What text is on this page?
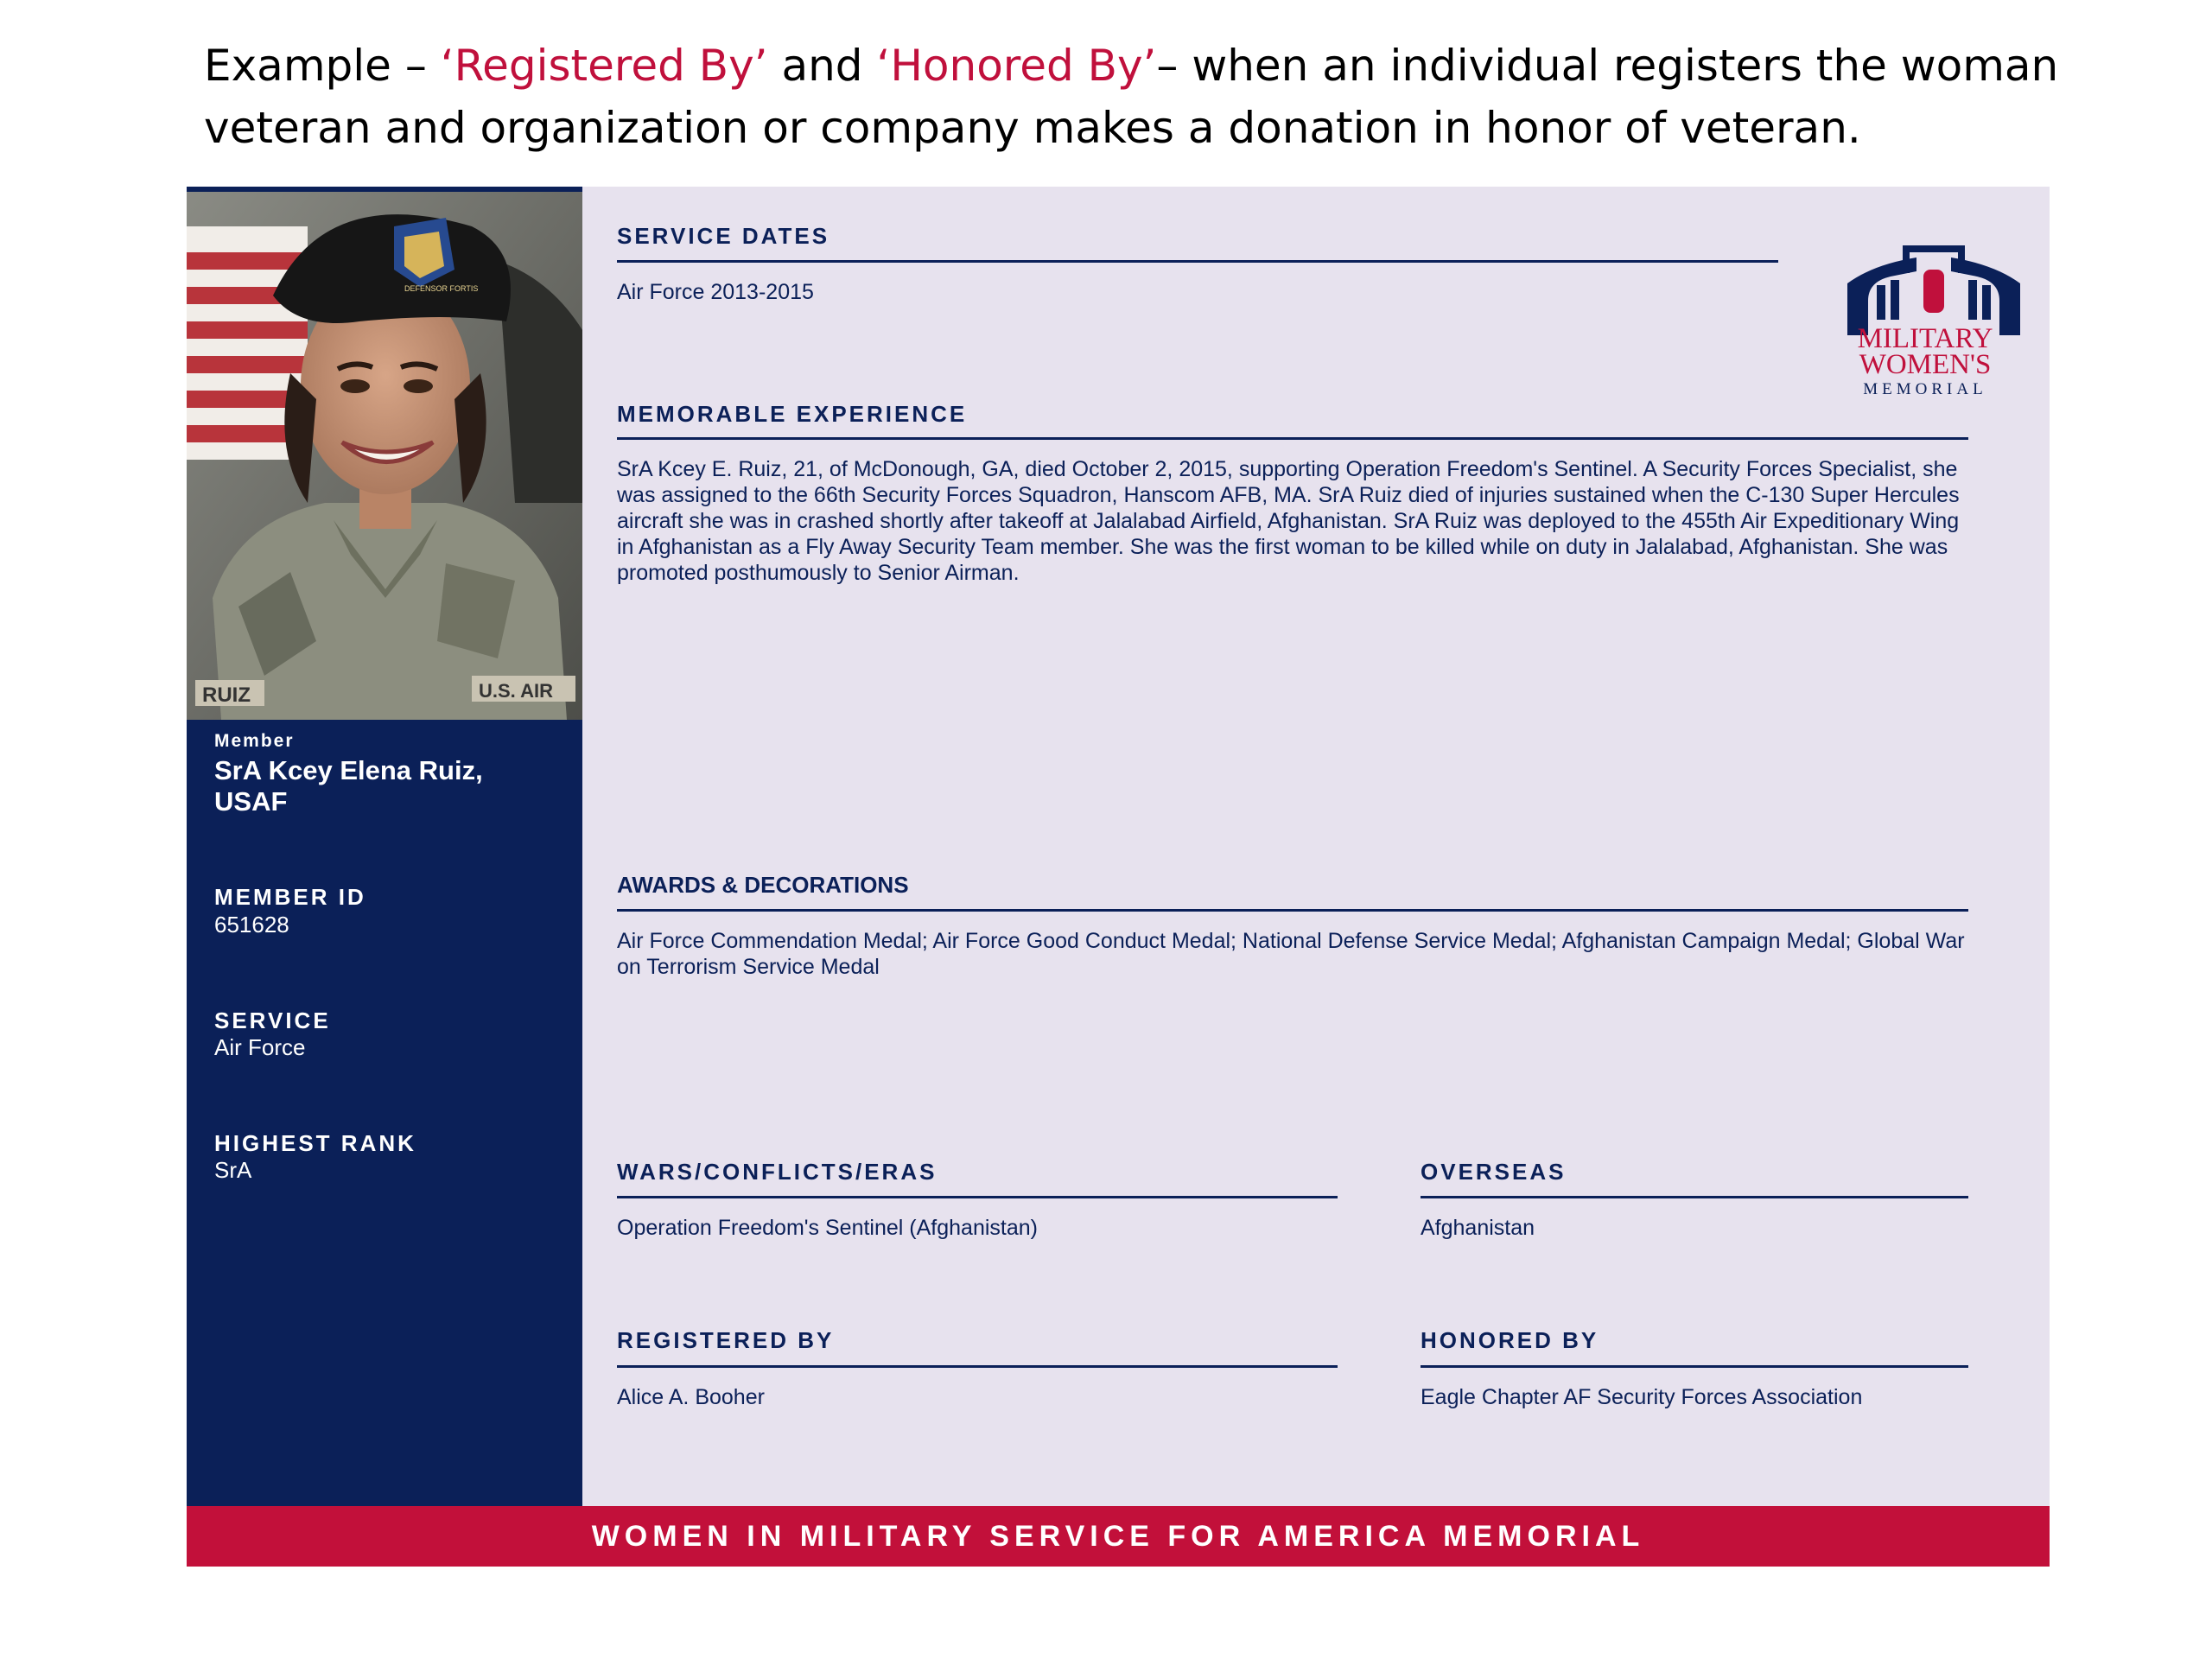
Example – ‘Registered By’ and ‘Honored By’– when an individual registers the woman veteran and organization or company makes a donation in honor of veteran.
RUIZ	U.S. AIR
DEFENSOR FORTIS
Member
SrA Kcey Elena Ruiz, USAF
MEMBER ID
651628
SERVICE
Air Force
HIGHEST RANK
SrA
MILITARY
WOMEN'S
MEMORIAL
SERVICE DATES
Air Force 2013-2015
MEMORABLE EXPERIENCE
SrA Kcey E. Ruiz, 21, of McDonough, GA, died October 2, 2015, supporting Operation Freedom's Sentinel. A Security Forces Specialist, she was assigned to the 66th Security Forces Squadron, Hanscom AFB, MA. SrA Ruiz died of injuries sustained when the C-130 Super Hercules aircraft she was in crashed shortly after takeoff at Jalalabad Airfield, Afghanistan. SrA Ruiz was deployed to the 455th Air Expeditionary Wing in Afghanistan as a Fly Away Security Team member. She was the first woman to be killed while on duty in Jalalabad, Afghanistan. She was promoted posthumously to Senior Airman.
AWARDS & DECORATIONS
Air Force Commendation Medal; Air Force Good Conduct Medal; National Defense Service Medal; Afghanistan Campaign Medal; Global War on Terrorism Service Medal
WARS/CONFLICTS/ERAS
Operation Freedom's Sentinel (Afghanistan)
OVERSEAS
Afghanistan
REGISTERED BY
Alice A. Booher
HONORED BY
Eagle Chapter AF Security Forces Association
WOMEN IN MILITARY SERVICE FOR AMERICA MEMORIAL
